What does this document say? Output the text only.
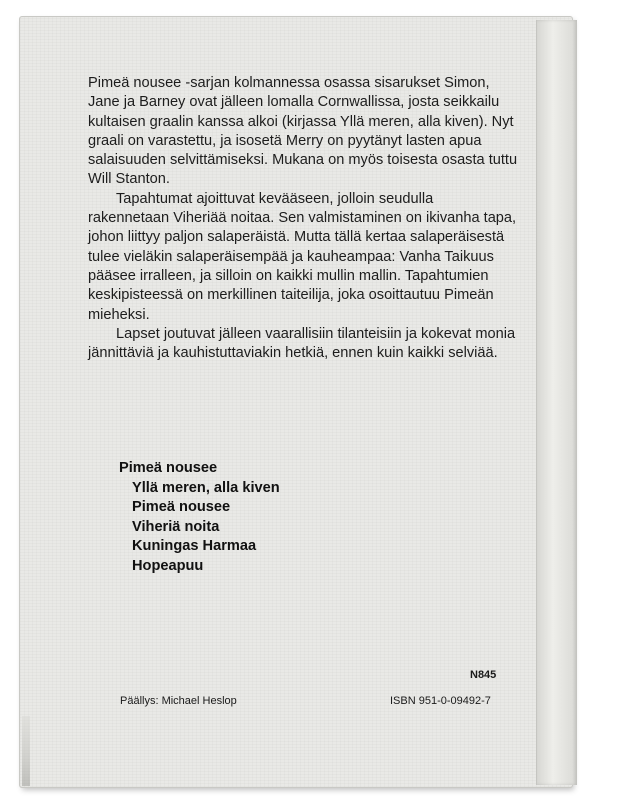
Pimeä nousee -sarjan kolmannessa osassa sisarukset Simon, Jane ja Barney ovat jälleen lomalla Cornwallissa, josta seikkailu kultaisen graalin kanssa alkoi (kirjassa Yllä meren, alla kiven). Nyt graali on varastettu, ja isosetä Merry on pyytänyt lasten apua salaisuuden selvittämiseksi. Mukana on myös toisesta osasta tuttu Will Stanton.

Tapahtumat ajoittuvat kevääseen, jolloin seudulla rakennetaan Viheriää noitaa. Sen valmistaminen on ikivanha tapa, johon liittyy paljon salaperäistä. Mutta tällä kertaa salaperäisestä tulee vieläkin salaperäisempää ja kauheampaa: Vanha Taikuus pääsee irralleen, ja silloin on kaikki mullin mallin. Tapahtumien keskipisteessä on merkillinen taiteilija, joka osoittautuu Pimeän mieheksi.

Lapset joutuvat jälleen vaarallisiin tilanteisiin ja kokevat monia jännittäviä ja kauhistuttaviakin hetkiä, ennen kuin kaikki selviää.

Pimeä nousee
Yllä meren, alla kiven
Pimeä nousee
Viheriä noita
Kuningas Harmaa
Hopeapuu
N845
Päällys: Michael Heslop	ISBN 951-0-09492-7
